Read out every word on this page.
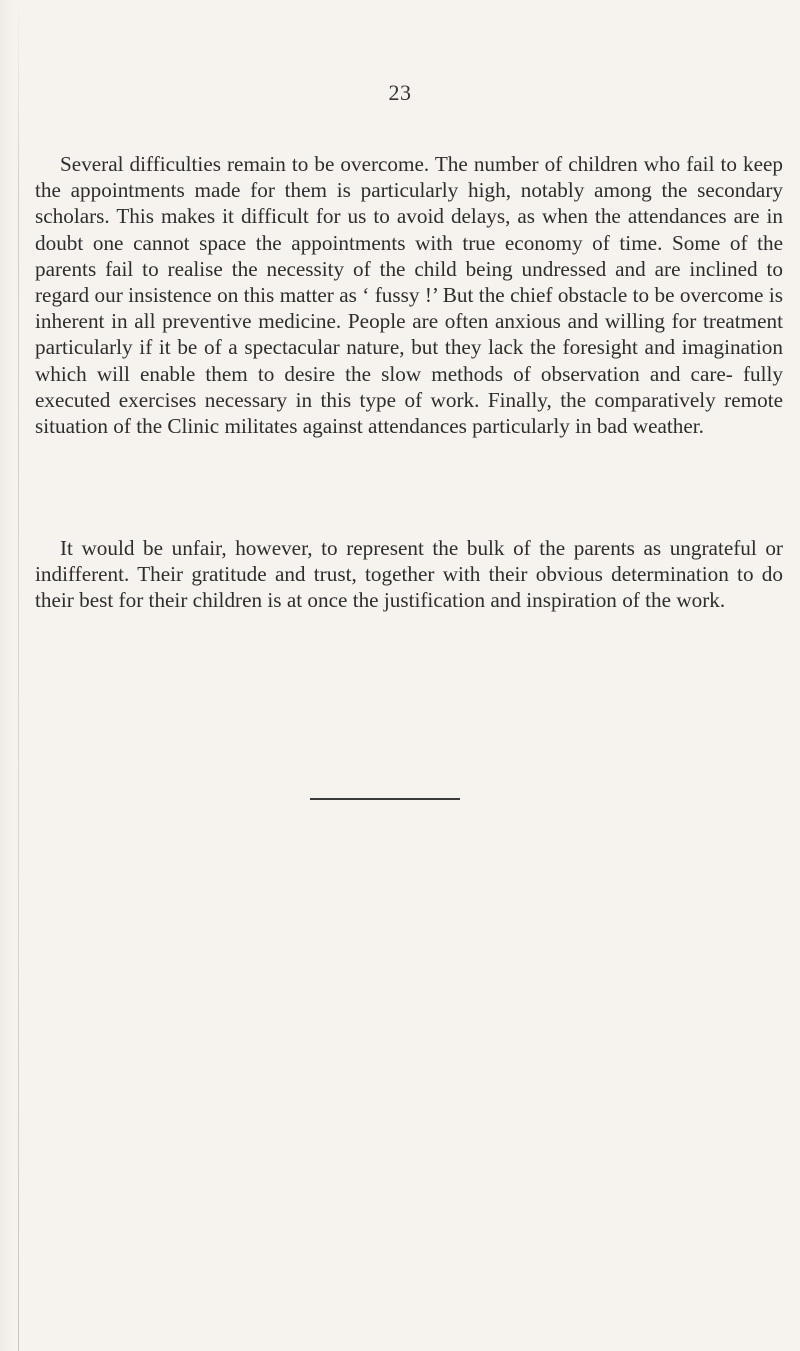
23

Several difficulties remain to be overcome. The number of children who fail to keep the appointments made for them is particularly high, notably among the secondary scholars. This makes it difficult for us to avoid delays, as when the attendances are in doubt one cannot space the appointments with true economy of time. Some of the parents fail to realise the necessity of the child being undressed and are inclined to regard our insistence on this matter as ‘ fussy !’ But the chief obstacle to be overcome is inherent in all preventive medicine. People are often anxious and willing for treatment particularly if it be of a spectacular nature, but they lack the foresight and imagination which will enable them to desire the slow methods of observation and care- fully executed exercises necessary in this type of work. Finally, the comparatively remote situation of the Clinic militates against attendances particularly in bad weather.

It would be unfair, however, to represent the bulk of the parents as ungrateful or indifferent. Their gratitude and trust, together with their obvious determination to do their best for their children is at once the justification and inspiration of the work.
